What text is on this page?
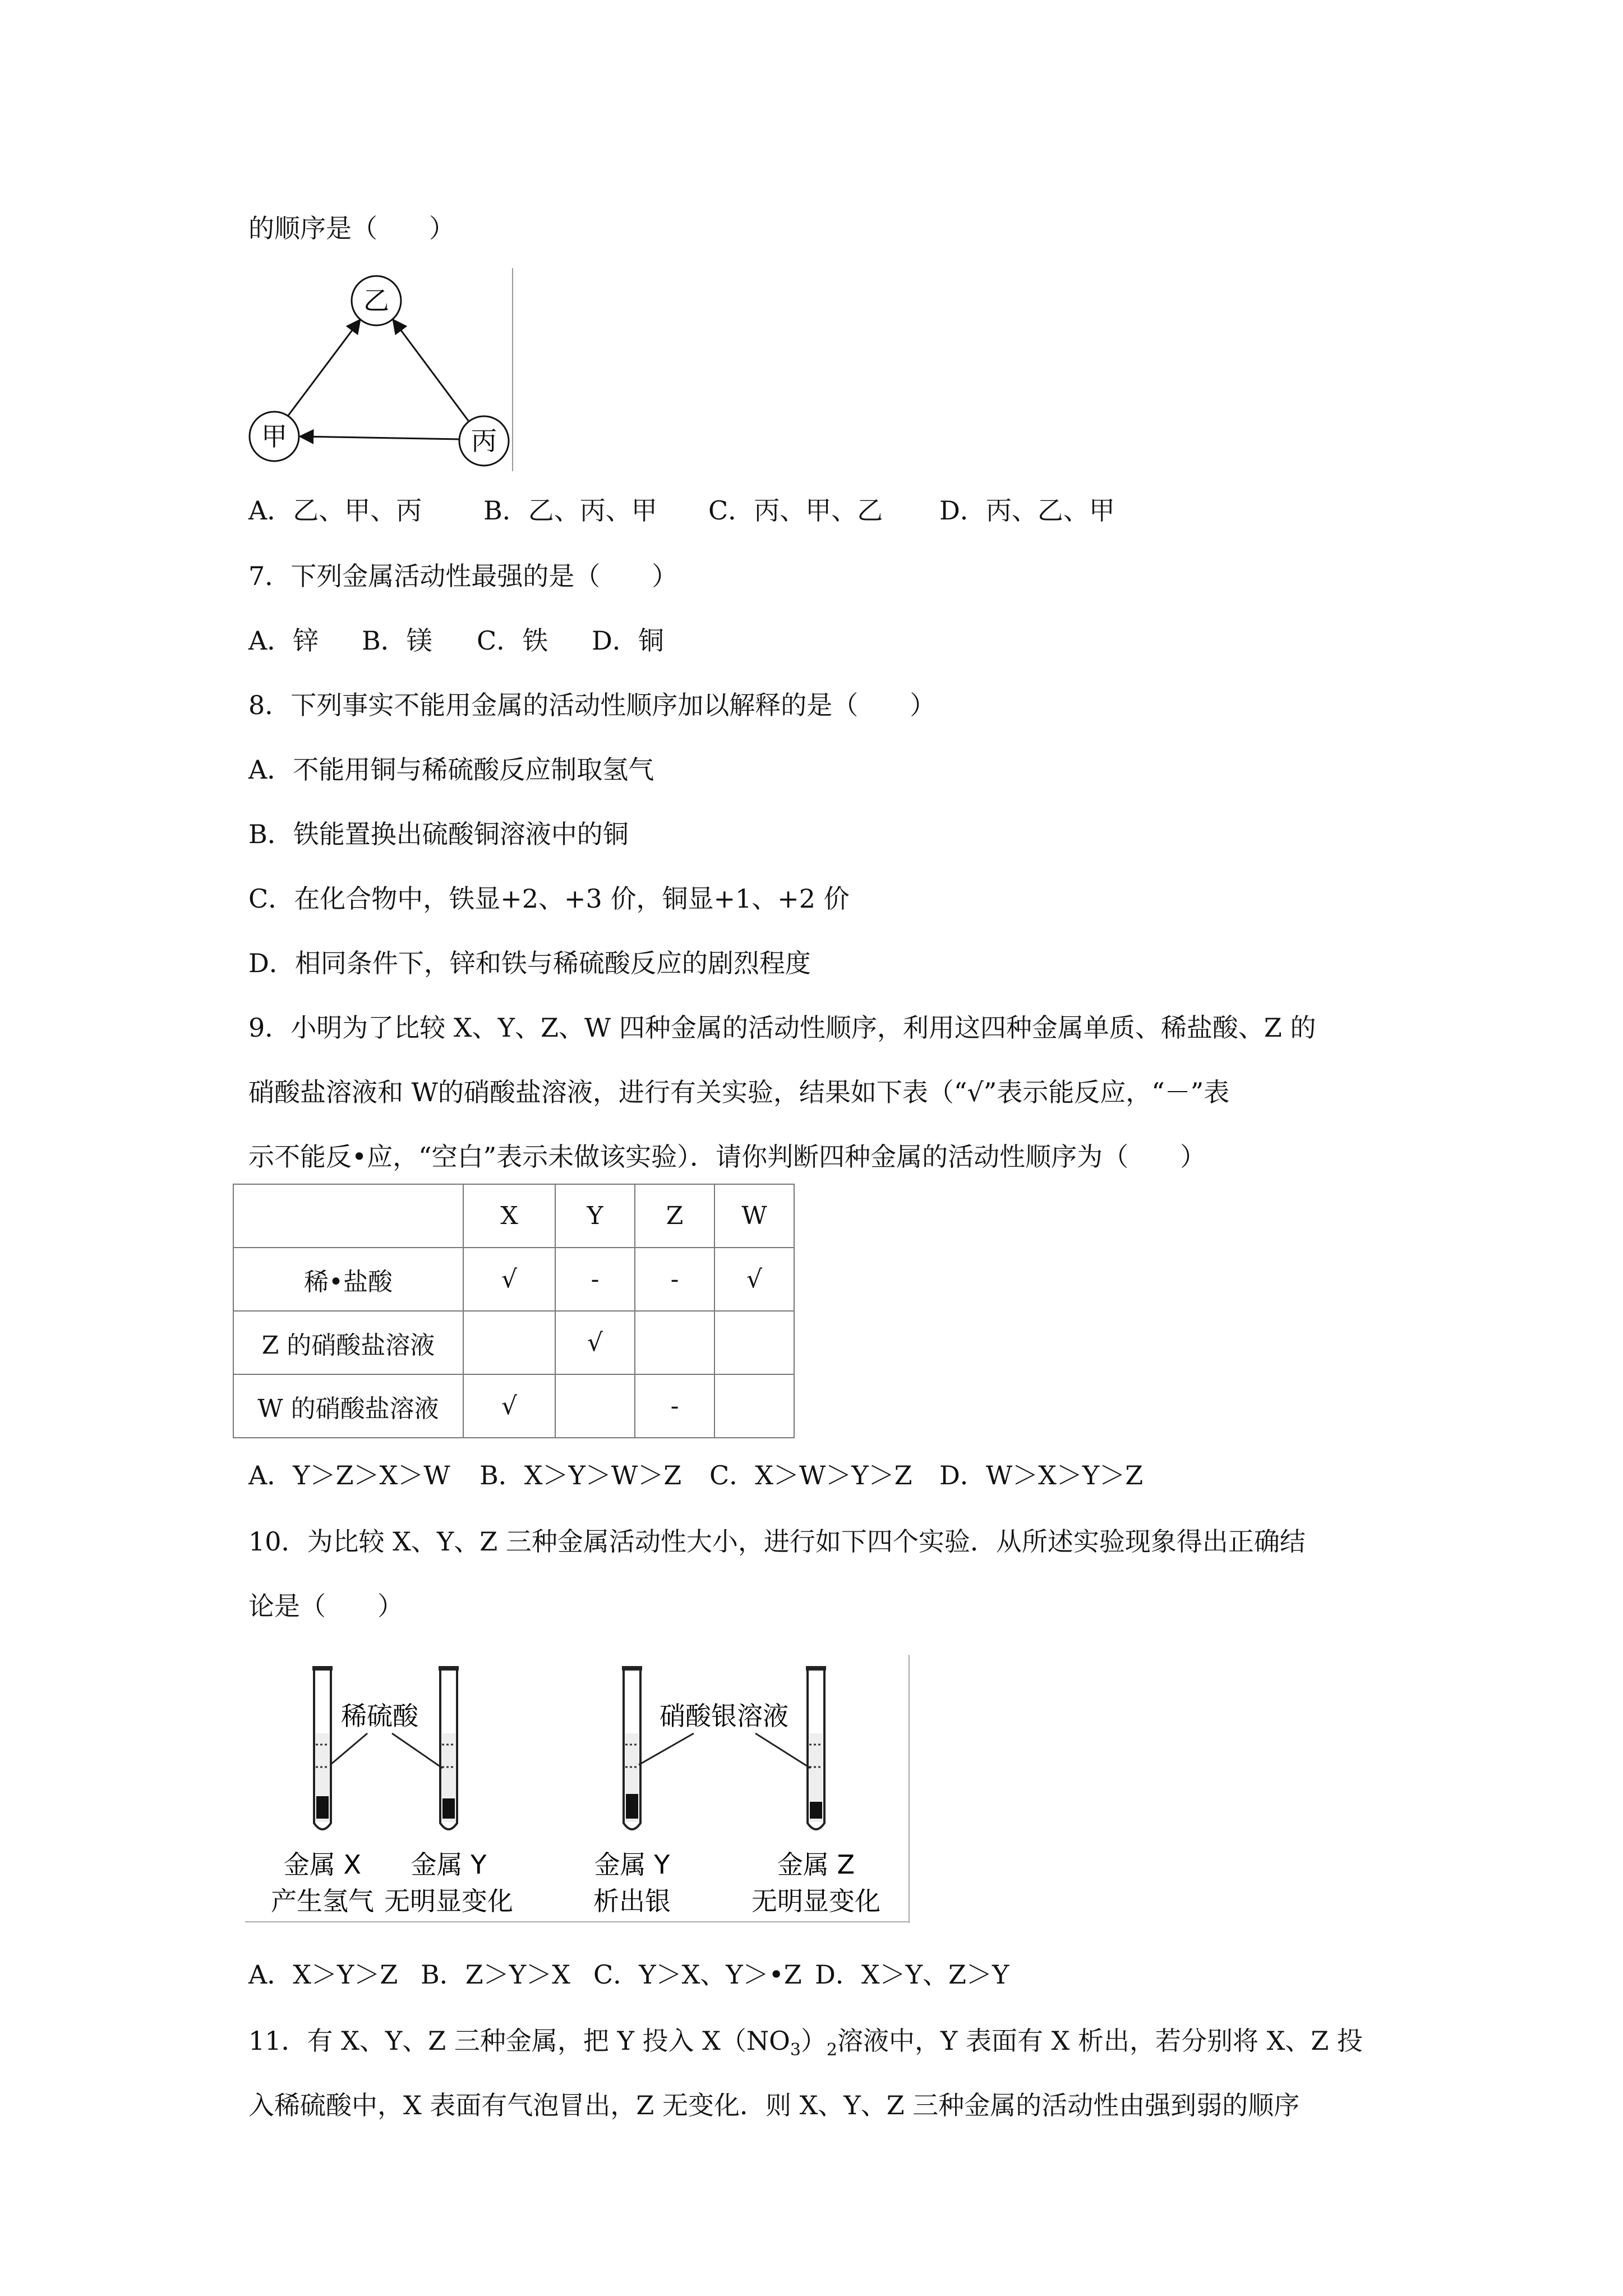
的顺序是（　　）
乙
甲	丙
A．乙、甲、丙 B．乙、丙、甲 C．丙、甲、乙 D．丙、乙、甲
7．下列金属活动性最强的是（　　）
A．锌 B．镁 C．铁 D．铜
8．下列事实不能用金属的活动性顺序加以解释的是（　　）
A．不能用铜与稀硫酸反应制取氢气
B．铁能置换出硫酸铜溶液中的铜
C．在化合物中，铁显+2、+3 价，铜显+1、+2 价
D．相同条件下，锌和铁与稀硫酸反应的剧烈程度
9．小明为了比较 X、Y、Z、W 四种金属的活动性顺序，利用这四种金属单质、稀盐酸、Z 的
硝酸盐溶液和 W的硝酸盐溶液，进行有关实验，结果如下表（“√”表示能反应，“－”表
示不能反•应，“空白”表示未做该实验）．请你判断四种金属的活动性顺序为（　　）
	X	Y	Z	W
稀•盐酸	√	-	-	√
Z 的硝酸盐溶液		√		
W 的硝酸盐溶液	√		-	
A．Y＞Z＞X＞W B．X＞Y＞W＞Z C．X＞W＞Y＞Z D．W＞X＞Y＞Z
10．为比较 X、Y、Z 三种金属活动性大小，进行如下四个实验．从所述实验现象得出正确结
论是（　　）
稀硫酸	硝酸银溶液
金属 X
产生氢气
金属 Y
无明显变化
金属 Y
析出银
金属 Z
无明显变化
A．X＞Y＞Z B．Z＞Y＞X C．Y＞X、Y＞•Z D．X＞Y、Z＞Y
11．有 X、Y、Z 三种金属，把 Y 投入 $X(NO_3)_2$溶液中，Y 表面有 X 析出，若分别将 X、Z 投
入稀硫酸中，X 表面有气泡冒出，Z 无变化．则 X、Y、Z 三种金属的活动性由强到弱的顺序
